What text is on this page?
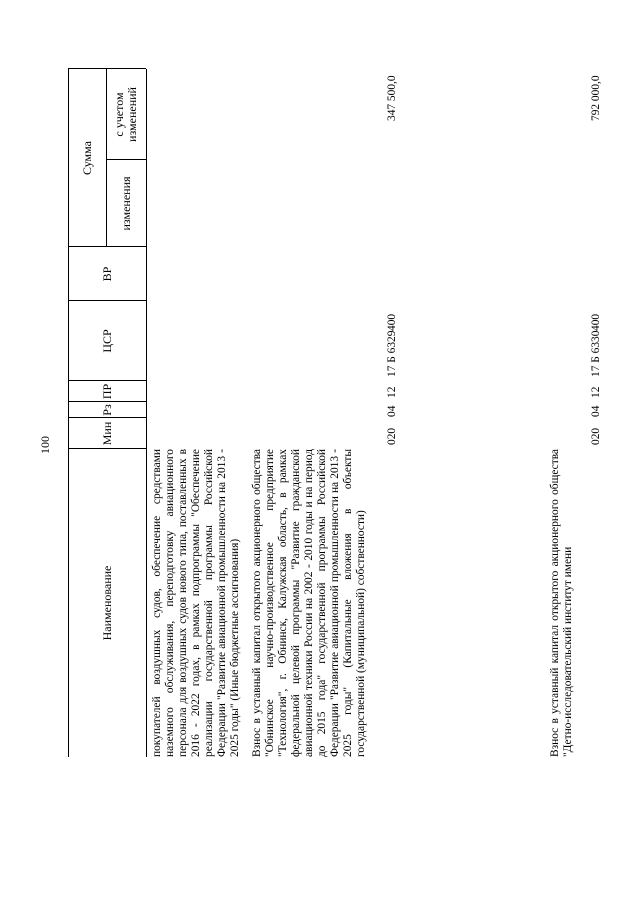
100
Наименование
Мин
Рз
ПР
ЦСР
ВР
Сумма
изменения
с учетом изменений
покупателей воздушных судов, обеспечение средствами наземного обслуживания, переподготовку авиационного персонала для воздушных судов нового типа, поставленных в 2016 - 2022 годах, в рамках подпрограммы "Обеспечение реализации государственной программы Российской Федерации "Развитие авиационной промышленности на 2013 - 2025 годы" (Иные бюджетные ассигнования) Взнос в уставный капитал открытого акционерного общества "Обнинское научно-производственное предприятие "Технология", г. Обнинск, Калужская область, в рамках федеральной целевой программы "Развитие гражданской авиационной техники России на 2002 - 2010 годы и на период до 2015 года" государственной программы Российской Федерации "Развитие авиационной промышленности на 2013 - 2025 годы" (Капитальные вложения в объекты государственной (муниципальной) собственности)
020
04
12
17 Б 6329
400
347 500,0
Взнос в уставный капитал открытого акционерного общества "Детно-исследовательский институт имени
020
04
12
17 Б 6330
400
792 000,0
